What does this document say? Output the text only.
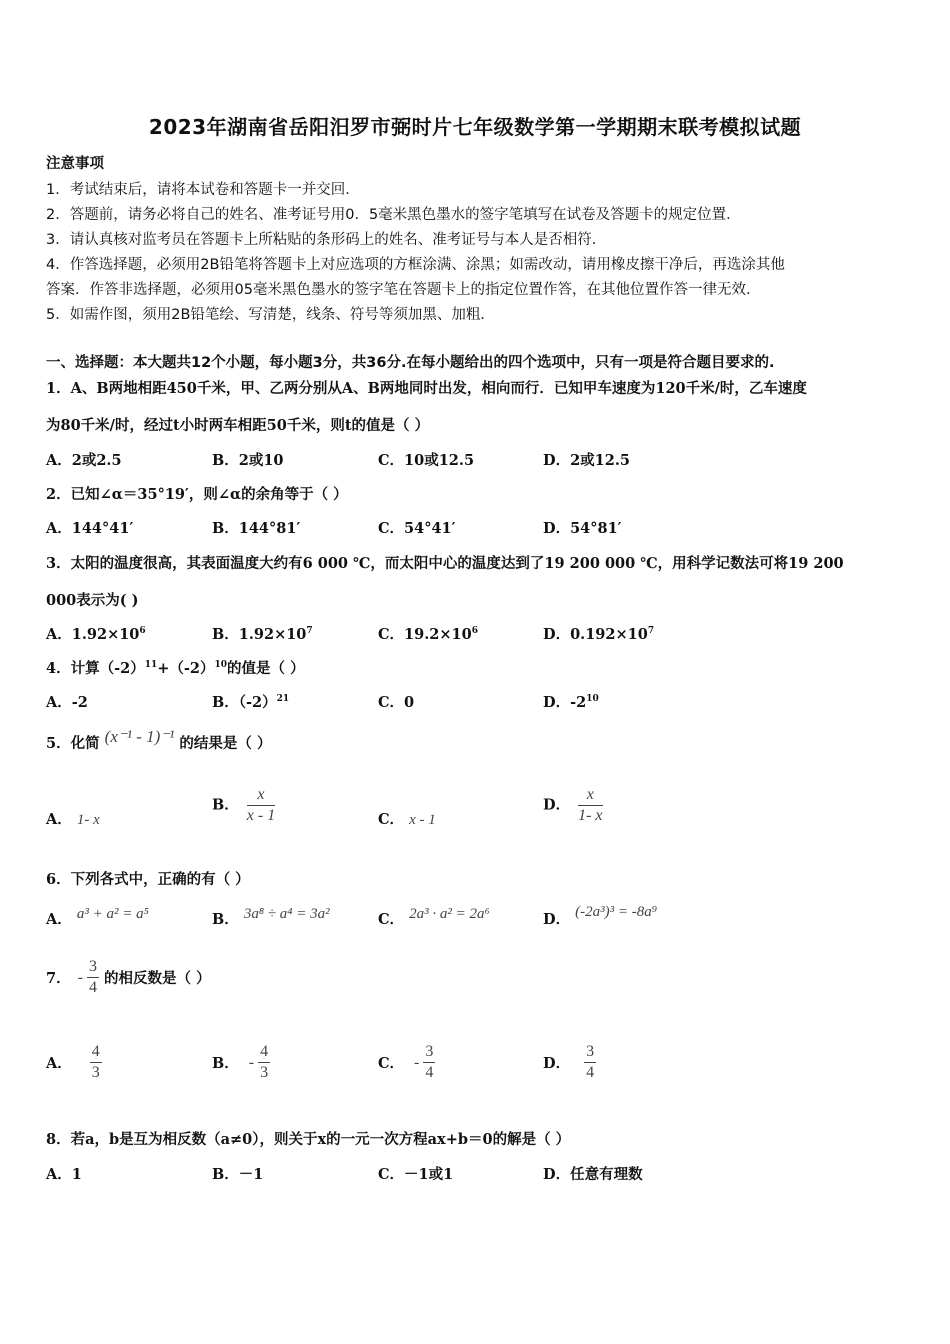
2023年湖南省岳阳汨罗市弼时片七年级数学第一学期期末联考模拟试题
注意事项
1．考试结束后，请将本试卷和答题卡一并交回．
2．答题前，请务必将自己的姓名、准考证号用0．5毫米黑色墨水的签字笔填写在试卷及答题卡的规定位置．
3．请认真核对监考员在答题卡上所粘贴的条形码上的姓名、准考证号与本人是否相符．
4．作答选择题，必须用2B铅笔将答题卡上对应选项的方框涂满、涂黑；如需改动，请用橡皮擦干净后，再选涂其他
答案．作答非选择题，必须用05毫米黑色墨水的签字笔在答题卡上的指定位置作答，在其他位置作答一律无效．
5．如需作图，须用2B铅笔绘、写清楚，线条、符号等须加黑、加粗．
一、选择题：本大题共12个小题，每小题3分，共36分.在每小题给出的四个选项中，只有一项是符合题目要求的.
1．A、B两地相距450千米，甲、乙两分别从A、B两地同时出发，相向而行．已知甲车速度为120千米/时，乙车速度
为80千米/时，经过t小时两车相距50千米，则t的值是（ ）
A．2或2.5	B．2或10	C．10或12.5	D．2或12.5
2．已知∠α＝35°19′，则∠α的余角等于（ ）
A．144°41′	B．144°81′	C．54°41′	D．54°81′
3．太阳的温度很高，其表面温度大约有6 000 ℃，而太阳中心的温度达到了19 200 000 ℃，用科学记数法可将19 200
000表示为( )
A．$1.92\times 10^6$	B．$1.92\times 10^7$	C．$19.2\times 10^6$	D．$0.192\times 10^7$
4．计算$(-2)^{11}+(-2)^{10}$的值是（ ）
A．-2	B．$(-2)^{21}$	C．0	D．$-2^{10}$
5．化简 (x⁻¹ - 1)⁻¹ 的结果是（ ）
A． 1- x
B． $\frac{x}{x - 1}$	C． x - 1
D． $\frac{x}{1- x}$
6．下列各式中，正确的有（ ）
A． a³ + a² = a⁵	B． 3a⁸ ÷ a⁴ = 3a²	C． 2a³ · a² = 2a⁶	D． (-2a³)³ = -8a⁹
7． - $\frac{3}{4}$ 的相反数是（ ）
A． $\frac{4}{3}$	B． - $\frac{4}{3}$	C． - $\frac{3}{4}$	D． $\frac{3}{4}$
8．若a，b是互为相反数（a≠0），则关于x的一元一次方程ax+b＝0的解是（ ）
A．1	B．－1	C．－1或1	D．任意有理数
